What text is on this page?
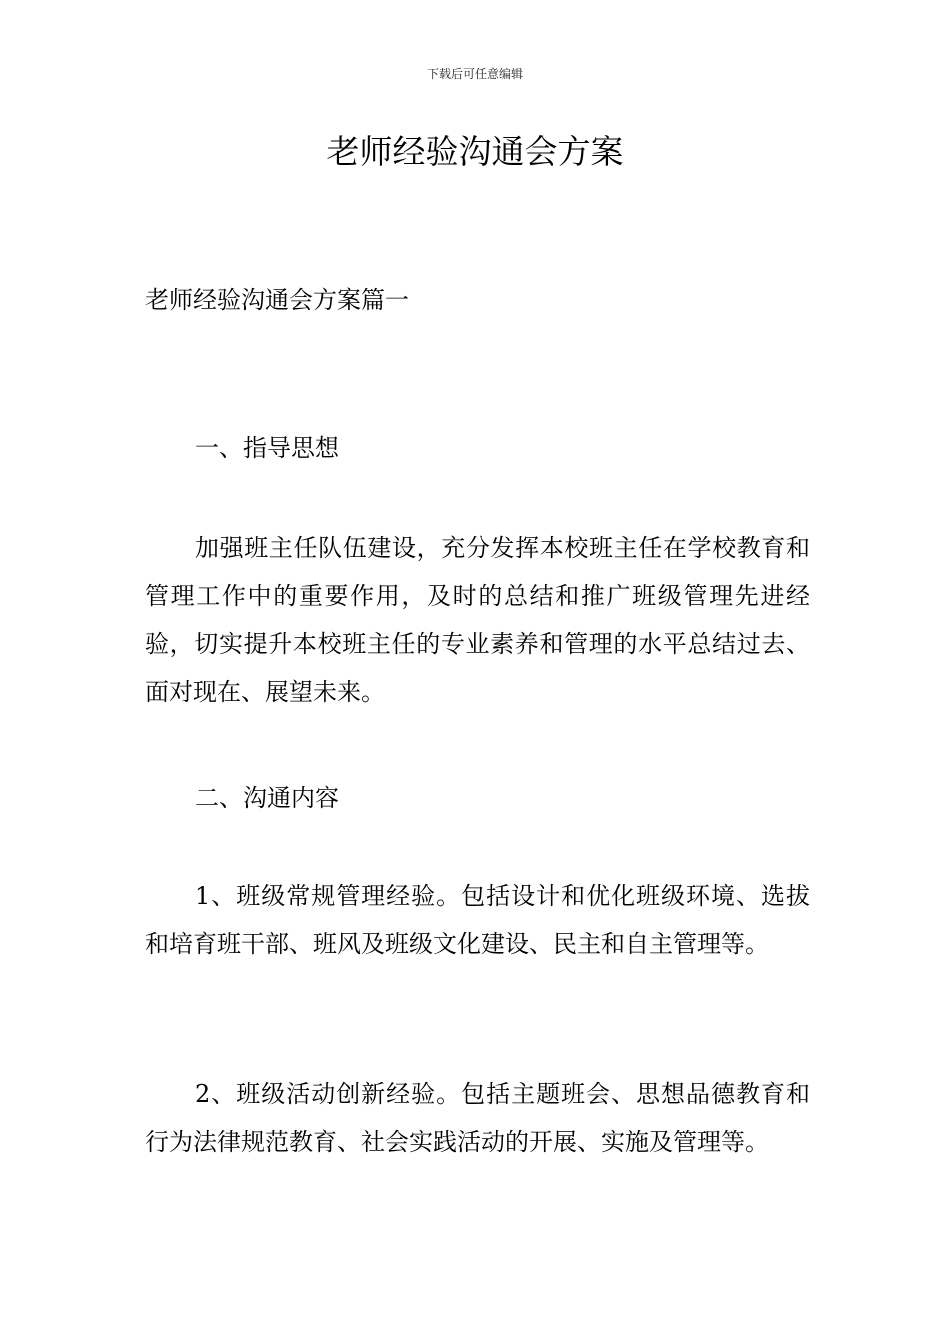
下载后可任意编辑
老师经验沟通会方案

老师经验沟通会方案篇一

一、指导思想

加强班主任队伍建设，充分发挥本校班主任在学校教育和管理工作中的重要作用，及时的总结和推广班级管理先进经验，切实提升本校班主任的专业素养和管理的水平总结过去、面对现在、展望未来。

二、沟通内容

1、班级常规管理经验。包括设计和优化班级环境、选拔和培育班干部、班风及班级文化建设、民主和自主管理等。

2、班级活动创新经验。包括主题班会、思想品德教育和行为法律规范教育、社会实践活动的开展、实施及管理等。
